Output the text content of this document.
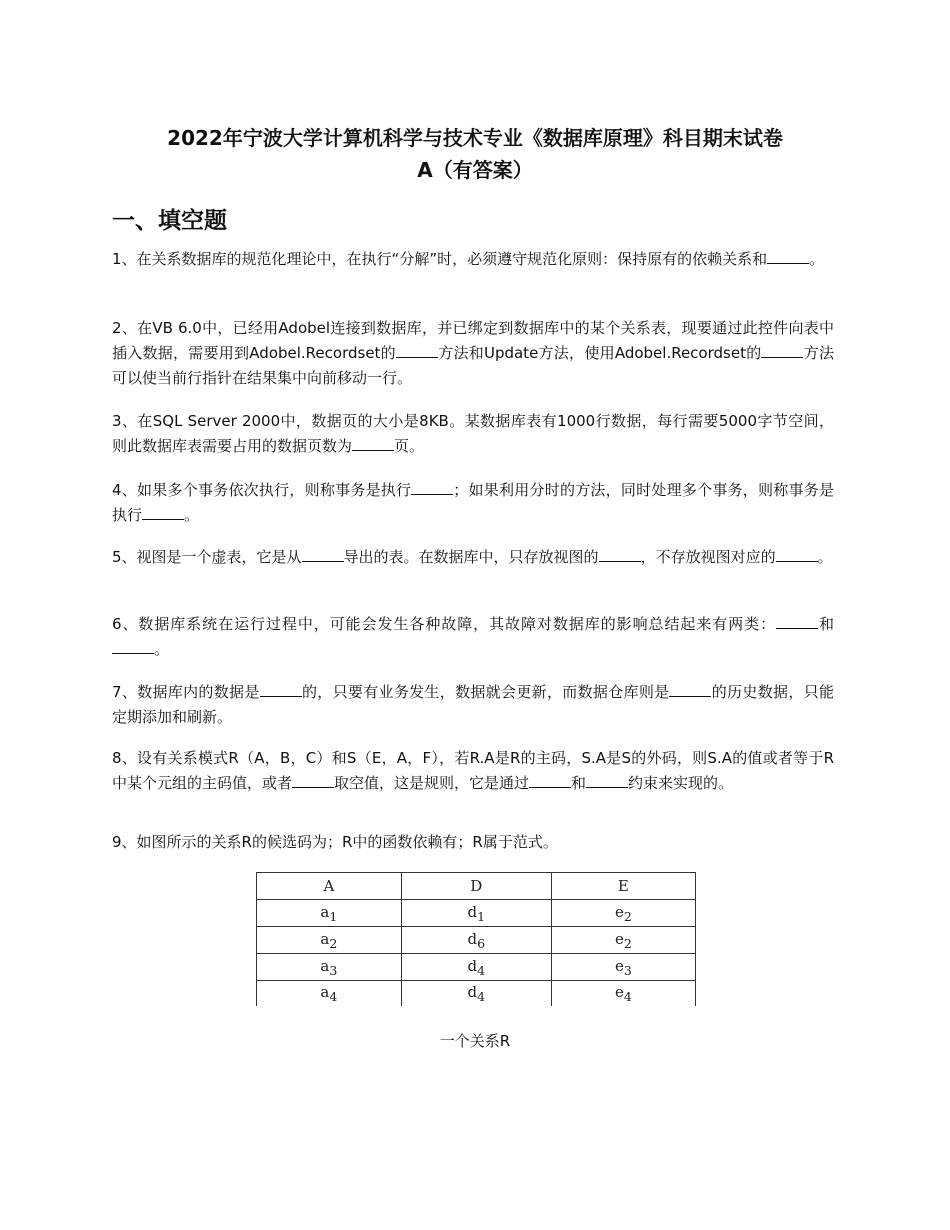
2022年宁波大学计算机科学与技术专业《数据库原理》科目期末试卷
A（有答案）
一、填空题
1、在关系数据库的规范化理论中，在执行“分解”时，必须遵守规范化原则：保持原有的依赖关系和	。
2、在VB 6.0中，已经用Adobel连接到数据库，并已绑定到数据库中的某个关系表，现要通过此控件向表中插入数据，需要用到Adobel.Recordset的	方法和Update方法，使用Adobel.Recordset的	方法可以使当前行指针在结果集中向前移动一行。
3、在SQL Server 2000中，数据页的大小是8KB。某数据库表有1000行数据，每行需要5000字节空间，则此数据库表需要占用的数据页数为	页。
4、如果多个事务依次执行，则称事务是执行	；如果利用分时的方法，同时处理多个事务，则称事务是执行	。
5、视图是一个虚表，它是从	导出的表。在数据库中，只存放视图的	，不存放视图对应的	。
6、数据库系统在运行过程中，可能会发生各种故障，其故障对数据库的影响总结起来有两类：	和。
7、数据库内的数据是	的，只要有业务发生，数据就会更新，而数据仓库则是	的历史数据，只能定期添加和刷新。
8、设有关系模式R（A，B，C）和S（E，A，F），若R.A是R的主码，S.A是S的外码，则S.A的值或者等于R中某个元组的主码值，或者	取空值，这是规则，它是通过	和	约束来实现的。
9、如图所示的关系R的候选码为；R中的函数依赖有；R属于范式。
A	D	E
$a_1$	$d_1$	$e_2$
$a_2$	$d_6$	$e_2$
$a_3$	$d_4$	$e_3$
$a_4$	$d_4$	$e_4$
一个关系R
